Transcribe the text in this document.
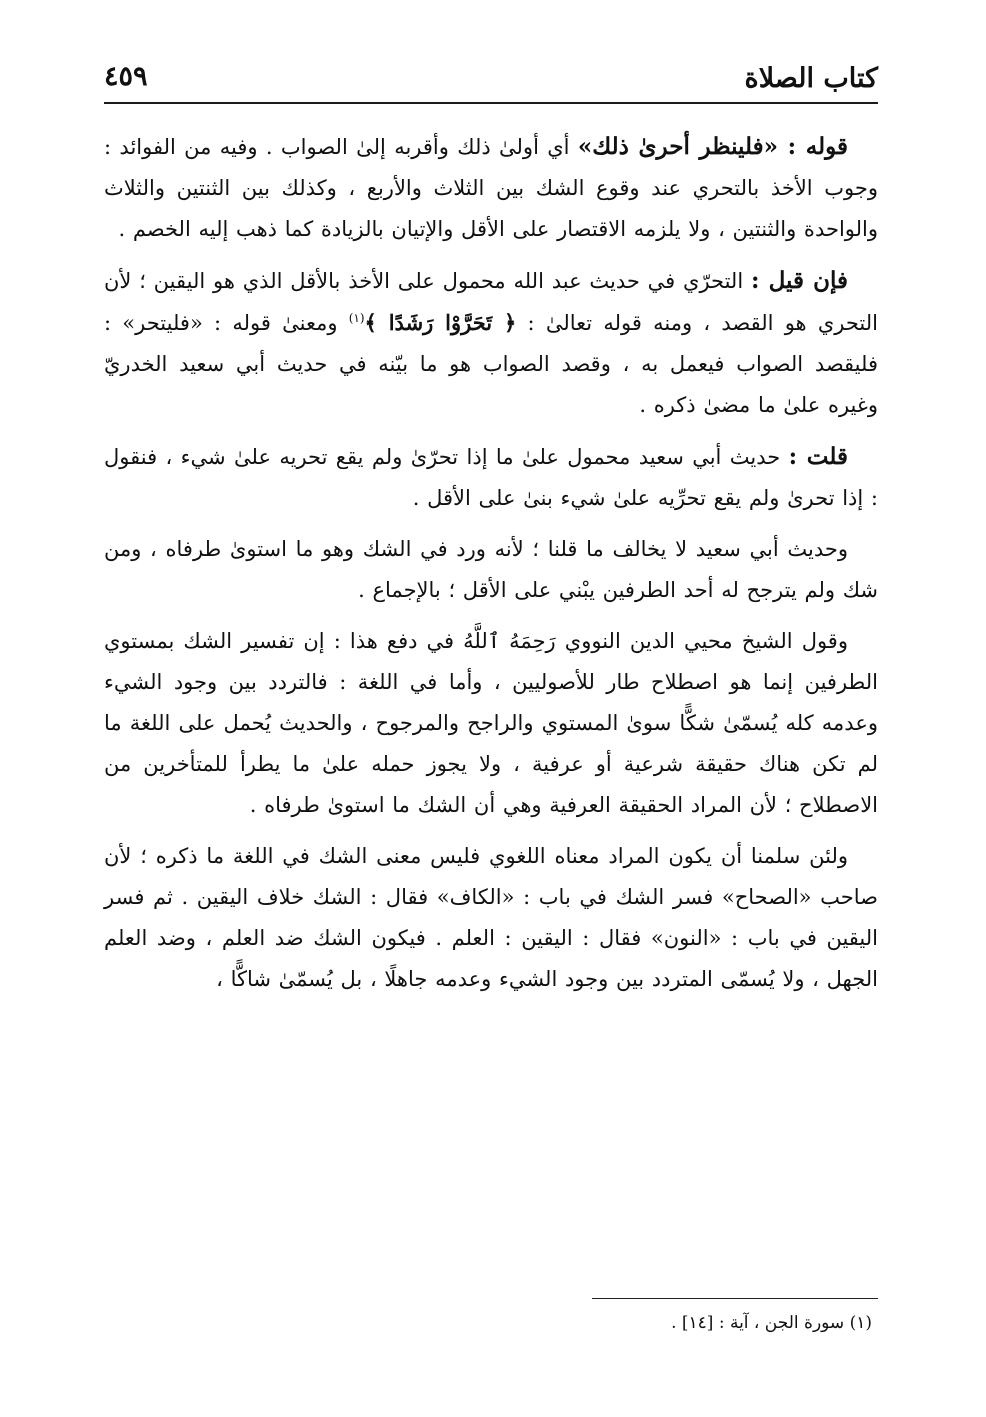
كتاب الصلاة
٤٥٩

قوله : «فلينظر أحرىٰ ذلك» أي أولىٰ ذلك وأقربه إلىٰ الصواب . وفيه من الفوائد : وجوب الأخذ بالتحري عند وقوع الشك بين الثلاث والأربع ، وكذلك بين الثنتين والثلاث والواحدة والثنتين ، ولا يلزمه الاقتصار على الأقل والإتيان بالزيادة كما ذهب إليه الخصم .

فإن قيل : التحرّي في حديث عبد الله محمول على الأخذ بالأقل الذي هو اليقين ؛ لأن التحري هو القصد ، ومنه قوله تعالىٰ : ﴿ تَحَرَّوْا رَشَدًا ﴾$^{(١)}$ ومعنىٰ قوله : «فليتحر» : فليقصد الصواب فيعمل به ، وقصد الصواب هو ما بيّنه في حديث أبي سعيد الخدريّ وغيره علىٰ ما مضىٰ ذكره .

قلت : حديث أبي سعيد محمول علىٰ ما إذا تحرّىٰ ولم يقع تحريه علىٰ شيء ، فنقول : إذا تحرىٰ ولم يقع تحرِّيه علىٰ شيء بنىٰ على الأقل .

وحديث أبي سعيد لا يخالف ما قلنا ؛ لأنه ورد في الشك وهو ما استوىٰ طرفاه ، ومن شك ولم يترجح له أحد الطرفين يبْني على الأقل ؛ بالإجماع .

وقول الشيخ محيي الدين النووي رَحِمَهُ ٱللَّهُ في دفع هذا : إن تفسير الشك بمستوي الطرفين إنما هو اصطلاح طار للأصوليين ، وأما في اللغة : فالتردد بين وجود الشيء وعدمه كله يُسمّىٰ شكًّا سوىٰ المستوي والراجح والمرجوح ، والحديث يُحمل على اللغة ما لم تكن هناك حقيقة شرعية أو عرفية ، ولا يجوز حمله علىٰ ما يطرأ للمتأخرين من الاصطلاح ؛ لأن المراد الحقيقة العرفية وهي أن الشك ما استوىٰ طرفاه .

ولئن سلمنا أن يكون المراد معناه اللغوي فليس معنى الشك في اللغة ما ذكره ؛ لأن صاحب «الصحاح» فسر الشك في باب : «الكاف» فقال : الشك خلاف اليقين . ثم فسر اليقين في باب : «النون» فقال : اليقين : العلم . فيكون الشك ضد العلم ، وضد العلم الجهل ، ولا يُسمّى المتردد بين وجود الشيء وعدمه جاهلًا ، بل يُسمّىٰ شاكًّا ،

(١) سورة الجن ، آية : [١٤] .
